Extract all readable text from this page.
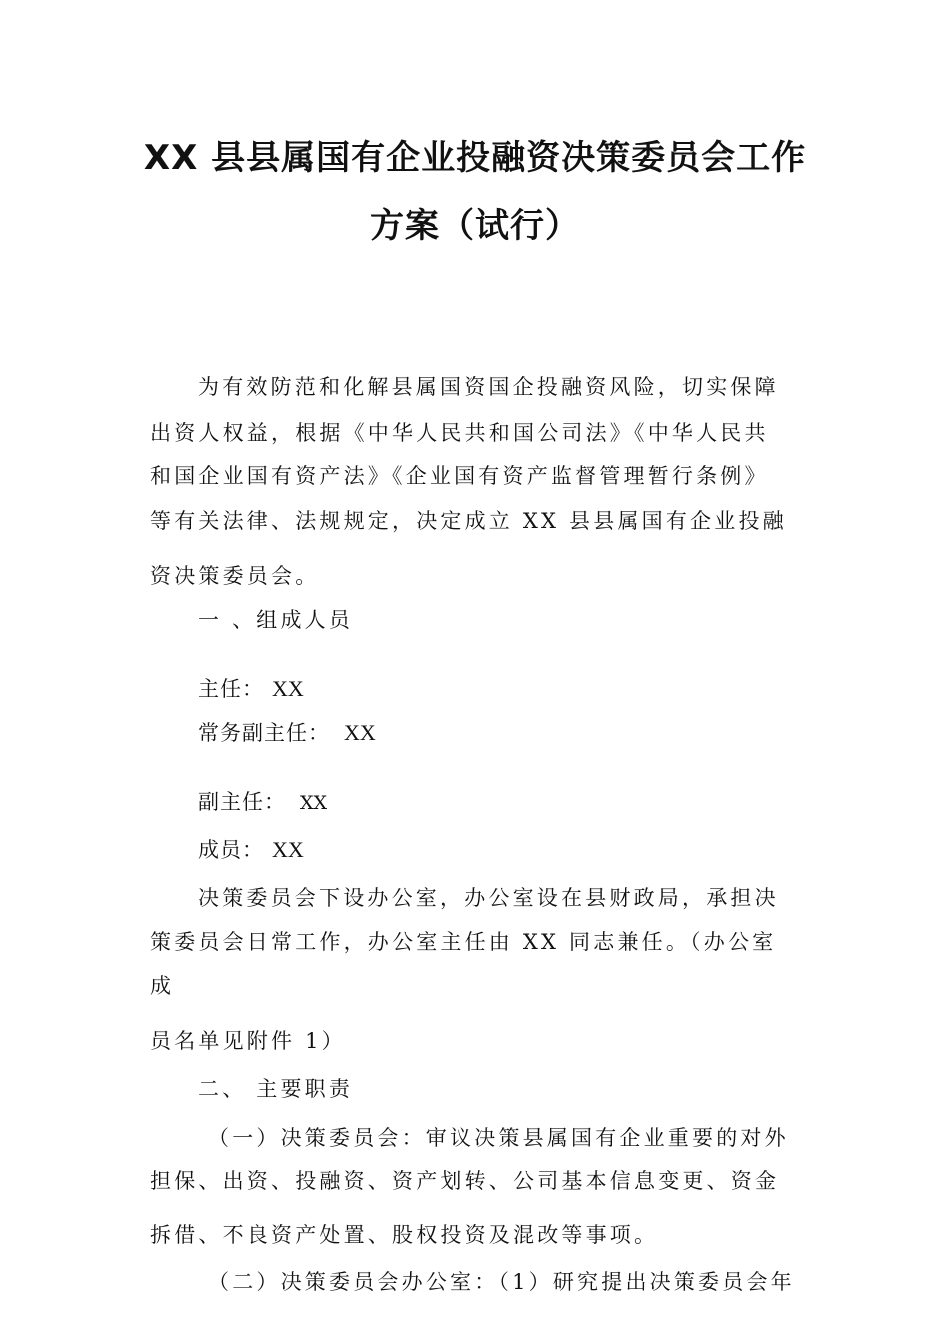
XX 县县属国有企业投融资决策委员会工作
方案（试行）
为有效防范和化解县属国资国企投融资风险，切实保障
出资人权益，根据《中华人民共和国公司法》《中华人民共
和国企业国有资产法》《企业国有资产监督管理暂行条例》
等有关法律、法规规定，决定成立 XX 县县属国有企业投融
资决策委员会。
一 、组成人员
主任： XX
常务副主任： XX
副主任： XX
成员： XX
决策委员会下设办公室，办公室设在县财政局，承担决
策委员会日常工作，办公室主任由 XX 同志兼任。（办公室
成
员名单见附件 1）
二、 主要职责
（一）决策委员会：审议决策县属国有企业重要的对外
担保、出资、投融资、资产划转、公司基本信息变更、资金
拆借、不良资产处置、股权投资及混改等事项。
（二）决策委员会办公室：（1）研究提出决策委员会年
